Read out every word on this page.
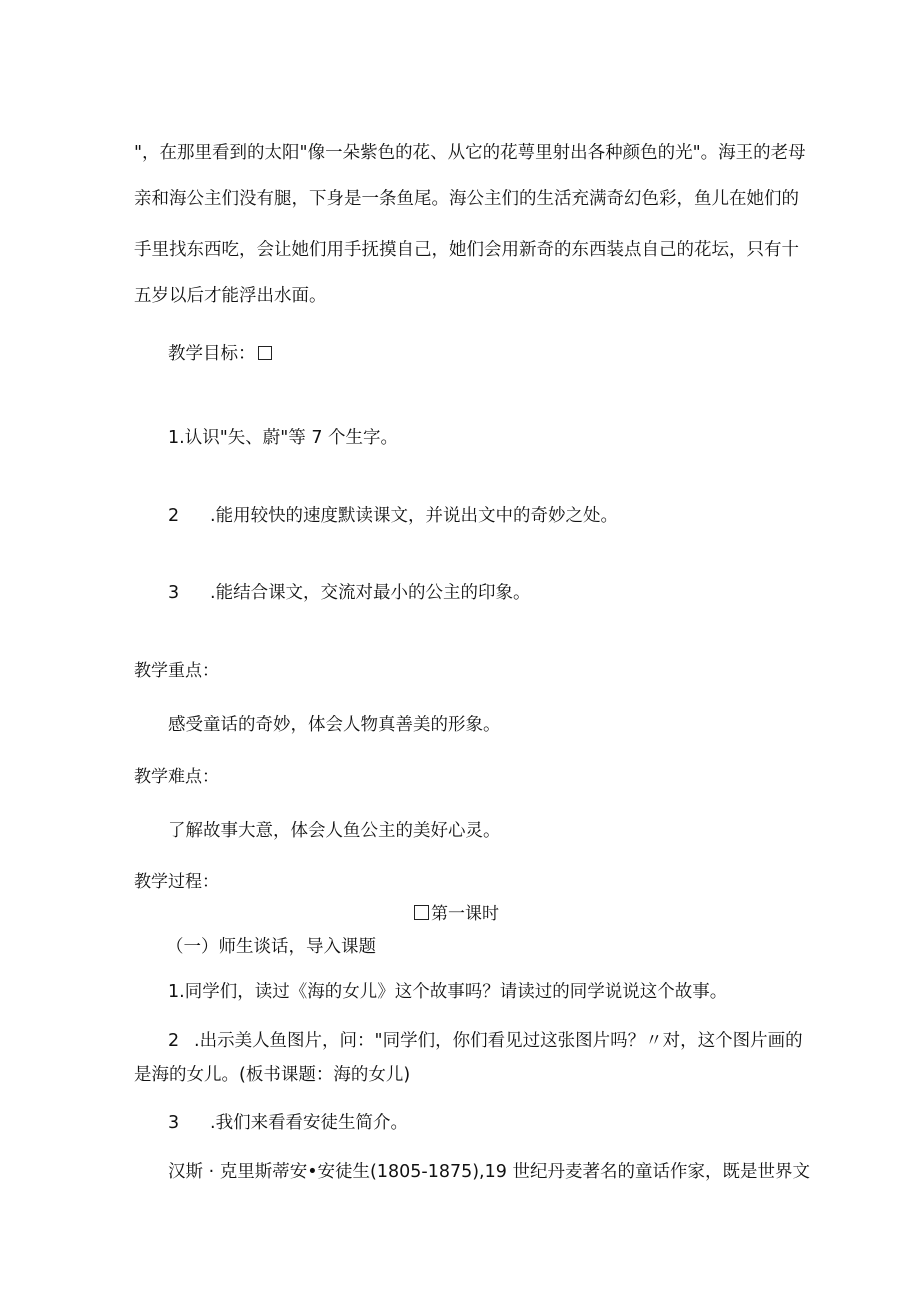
"，在那里看到的太阳"像一朵紫色的花、从它的花萼里射出各种颜色的光"。海王的老母
亲和海公主们没有腿，下身是一条鱼尾。海公主们的生活充满奇幻色彩，鱼儿在她们的
手里找东西吃，会让她们用手抚摸自己，她们会用新奇的东西装点自己的花坛，只有十
五岁以后才能浮出水面。
教学目标：
1.认识"矢、蔚"等 7 个生字。
2 .能用较快的速度默读课文，并说出文中的奇妙之处。
3 .能结合课文，交流对最小的公主的印象。
教学重点：
感受童话的奇妙，体会人物真善美的形象。
教学难点：
了解故事大意，体会人鱼公主的美好心灵。
教学过程：
第一课时
（一）师生谈话，导入课题
1.同学们，读过《海的女儿》这个故事吗？请读过的同学说说这个故事。
2 .出示美人鱼图片，问："同学们，你们看见过这张图片吗？〃对，这个图片画的
是海的女儿。(板书课题：海的女儿)
3 .我们来看看安徒生简介。
汉斯 · 克里斯蒂安•安徒生(1805-1875),19 世纪丹麦著名的童话作家，既是世界文
